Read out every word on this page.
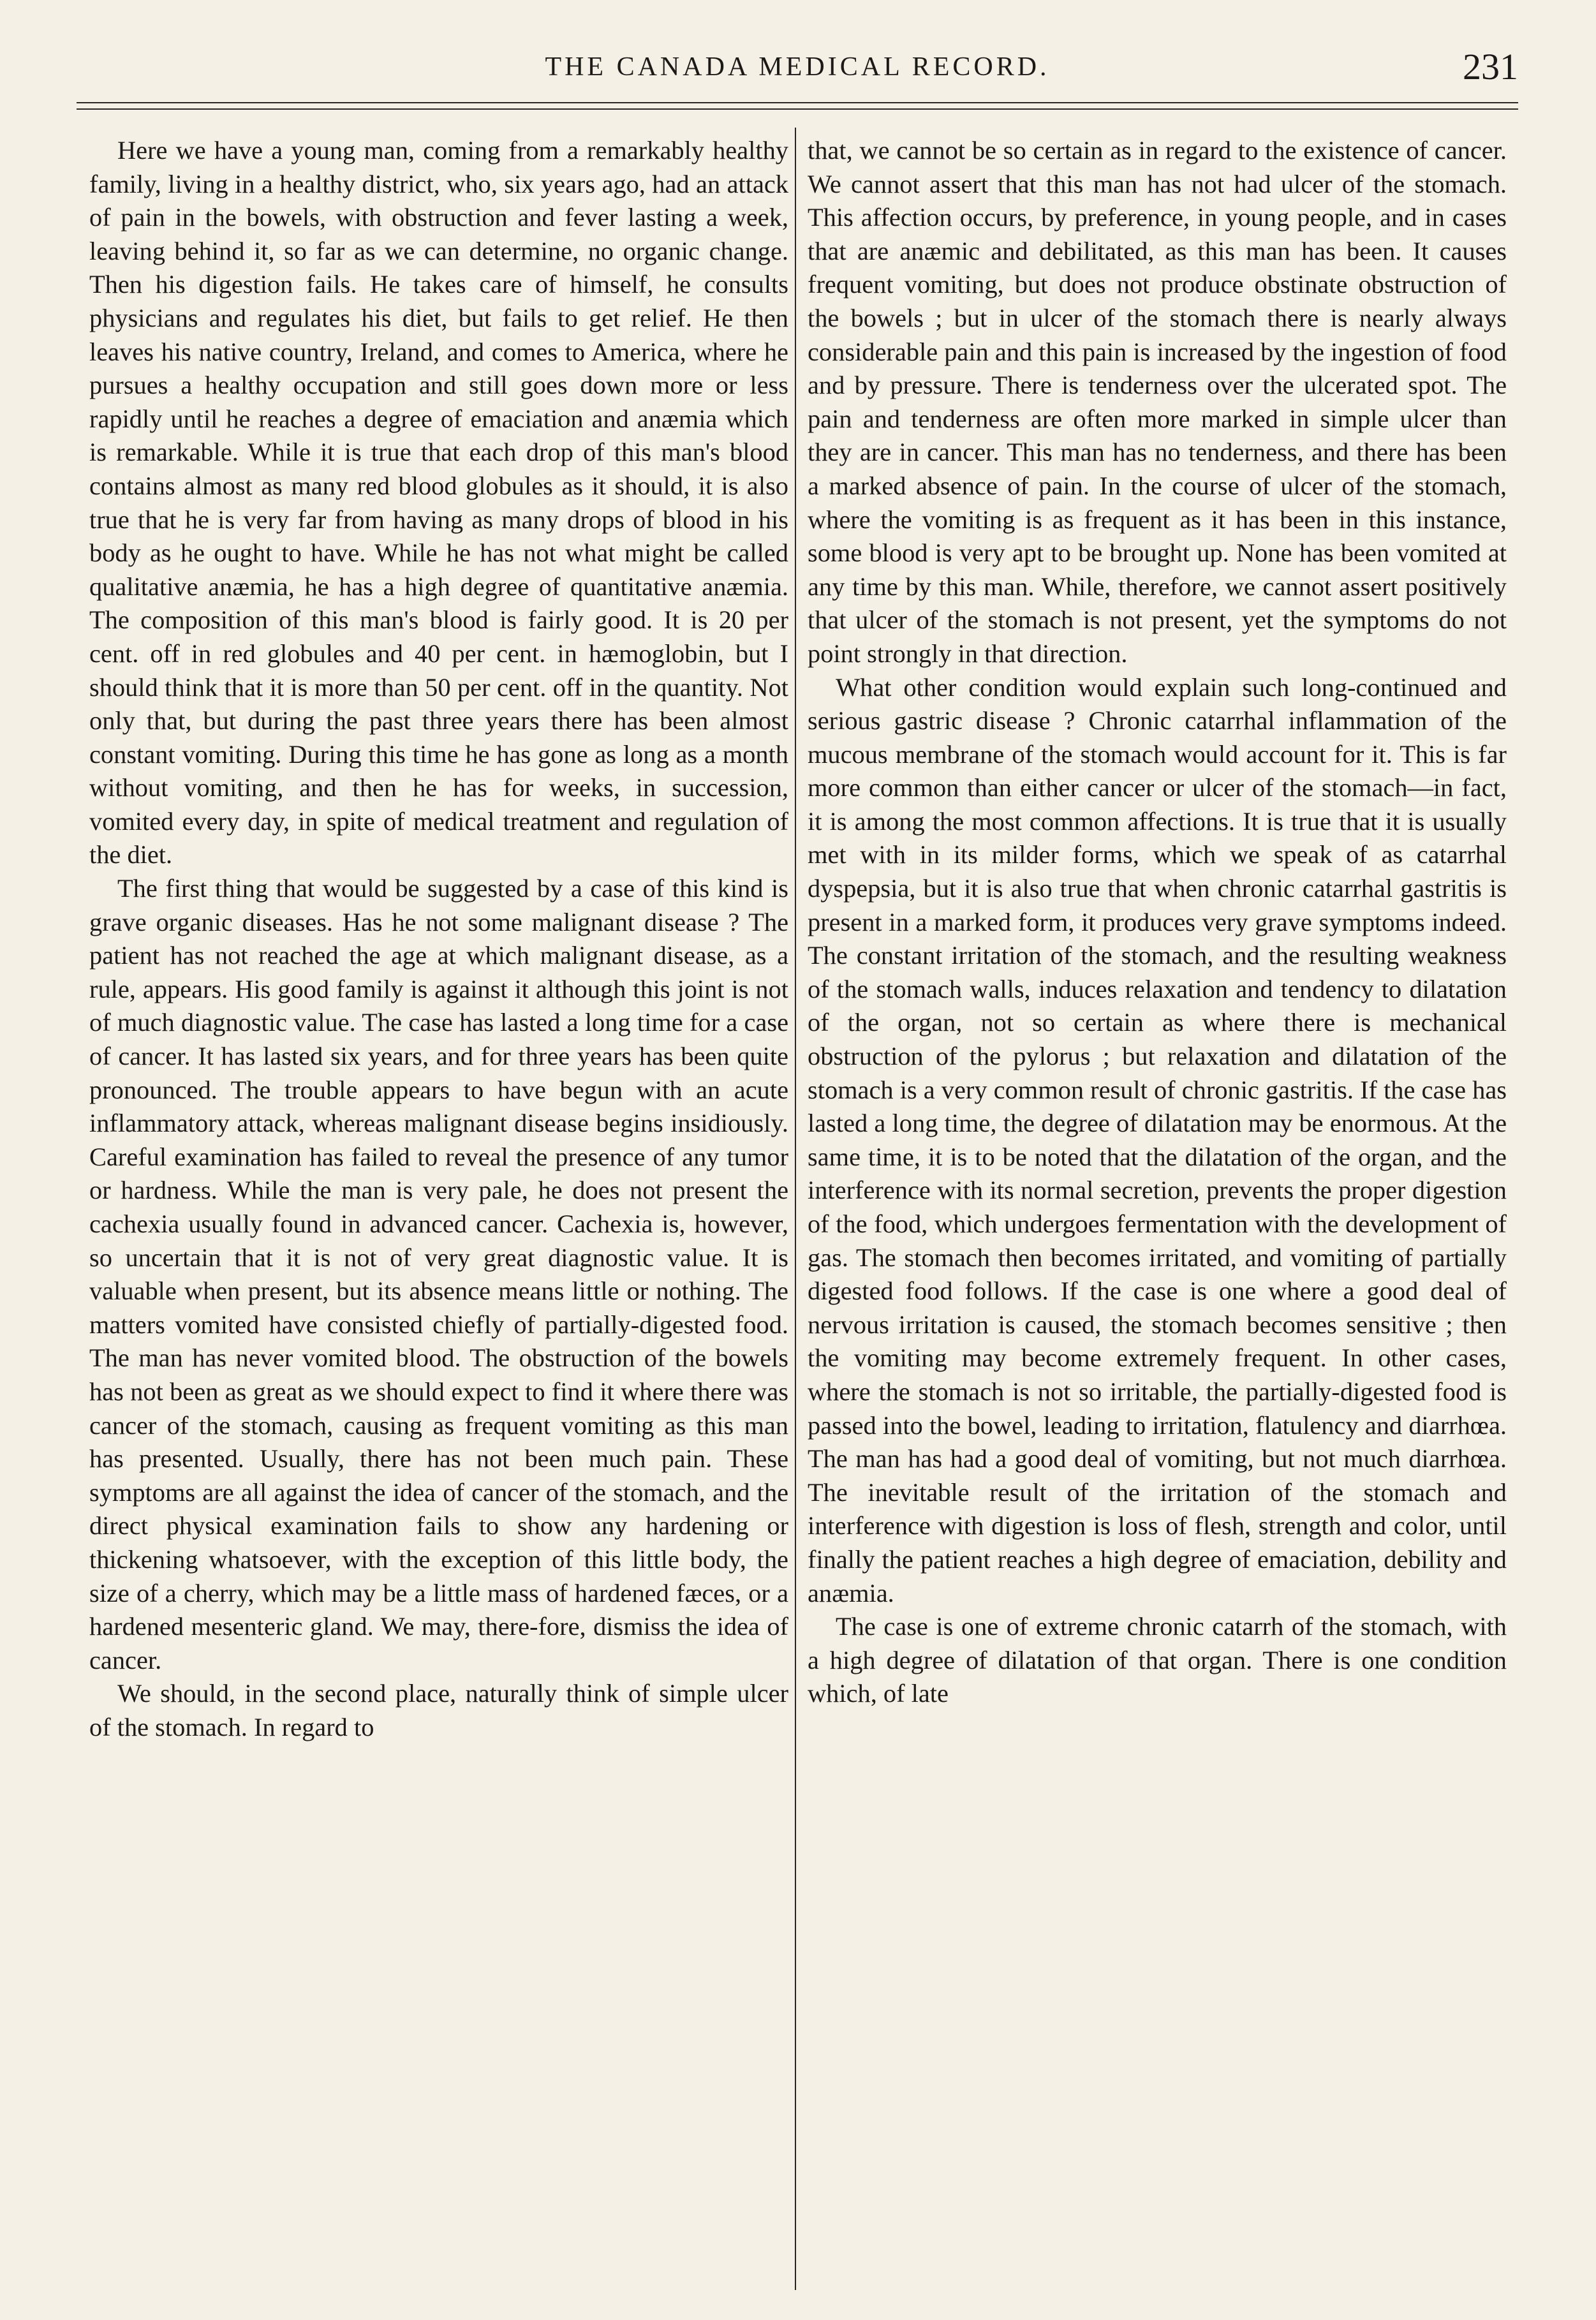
THE CANADA MEDICAL RECORD.	231

Here we have a young man, coming from a remarkably healthy family, living in a healthy district, who, six years ago, had an attack of pain in the bowels, with obstruction and fever lasting a week, leaving behind it, so far as we can determine, no organic change. Then his digestion fails. He takes care of himself, he consults physicians and regulates his diet, but fails to get relief. He then leaves his native country, Ireland, and comes to America, where he pursues a healthy occupation and still goes down more or less rapidly until he reaches a degree of emaciation and anæmia which is remarkable. While it is true that each drop of this man's blood contains almost as many red blood globules as it should, it is also true that he is very far from having as many drops of blood in his body as he ought to have. While he has not what might be called qualitative anæmia, he has a high degree of quantitative anæmia. The composition of this man's blood is fairly good. It is 20 per cent. off in red globules and 40 per cent. in hæmoglobin, but I should think that it is more than 50 per cent. off in the quantity. Not only that, but during the past three years there has been almost constant vomiting. During this time he has gone as long as a month without vomiting, and then he has for weeks, in succession, vomited every day, in spite of medical treatment and regulation of the diet.

The first thing that would be suggested by a case of this kind is grave organic diseases. Has he not some malignant disease ? The patient has not reached the age at which malignant disease, as a rule, appears. His good family is against it although this joint is not of much diagnostic value. The case has lasted a long time for a case of cancer. It has lasted six years, and for three years has been quite pronounced. The trouble appears to have begun with an acute inflammatory attack, whereas malignant disease begins insidiously. Careful examination has failed to reveal the presence of any tumor or hardness. While the man is very pale, he does not present the cachexia usually found in advanced cancer. Cachexia is, however, so uncertain that it is not of very great diagnostic value. It is valuable when present, but its absence means little or nothing. The matters vomited have consisted chiefly of partially-digested food. The man has never vomited blood. The obstruction of the bowels has not been as great as we should expect to find it where there was cancer of the stomach, causing as frequent vomiting as this man has presented. Usually, there has not been much pain. These symptoms are all against the idea of cancer of the stomach, and the direct physical examination fails to show any hardening or thickening whatsoever, with the exception of this little body, the size of a cherry, which may be a little mass of hardened fæces, or a hardened mesenteric gland. We may, there-fore, dismiss the idea of cancer.

We should, in the second place, naturally think of simple ulcer of the stomach. In regard to

that, we cannot be so certain as in regard to the existence of cancer. We cannot assert that this man has not had ulcer of the stomach. This affection occurs, by preference, in young people, and in cases that are anæmic and debilitated, as this man has been. It causes frequent vomiting, but does not produce obstinate obstruction of the bowels ; but in ulcer of the stomach there is nearly always considerable pain and this pain is increased by the ingestion of food and by pressure. There is tenderness over the ulcerated spot. The pain and tenderness are often more marked in simple ulcer than they are in cancer. This man has no tenderness, and there has been a marked absence of pain. In the course of ulcer of the stomach, where the vomiting is as frequent as it has been in this instance, some blood is very apt to be brought up. None has been vomited at any time by this man. While, therefore, we cannot assert positively that ulcer of the stomach is not present, yet the symptoms do not point strongly in that direction.

What other condition would explain such long-continued and serious gastric disease ? Chronic catarrhal inflammation of the mucous membrane of the stomach would account for it. This is far more common than either cancer or ulcer of the stomach—in fact, it is among the most common affections. It is true that it is usually met with in its milder forms, which we speak of as catarrhal dyspepsia, but it is also true that when chronic catarrhal gastritis is present in a marked form, it produces very grave symptoms indeed. The constant irritation of the stomach, and the resulting weakness of the stomach walls, induces relaxation and tendency to dilatation of the organ, not so certain as where there is mechanical obstruction of the pylorus ; but relaxation and dilatation of the stomach is a very common result of chronic gastritis. If the case has lasted a long time, the degree of dilatation may be enormous. At the same time, it is to be noted that the dilatation of the organ, and the interference with its normal secretion, prevents the proper digestion of the food, which undergoes fermentation with the development of gas. The stomach then becomes irritated, and vomiting of partially digested food follows. If the case is one where a good deal of nervous irritation is caused, the stomach becomes sensitive ; then the vomiting may become extremely frequent. In other cases, where the stomach is not so irritable, the partially-digested food is passed into the bowel, leading to irritation, flatulency and diarrhœa. The man has had a good deal of vomiting, but not much diarrhœa. The inevitable result of the irritation of the stomach and interference with digestion is loss of flesh, strength and color, until finally the patient reaches a high degree of emaciation, debility and anæmia.

The case is one of extreme chronic catarrh of the stomach, with a high degree of dilatation of that organ. There is one condition which, of late
